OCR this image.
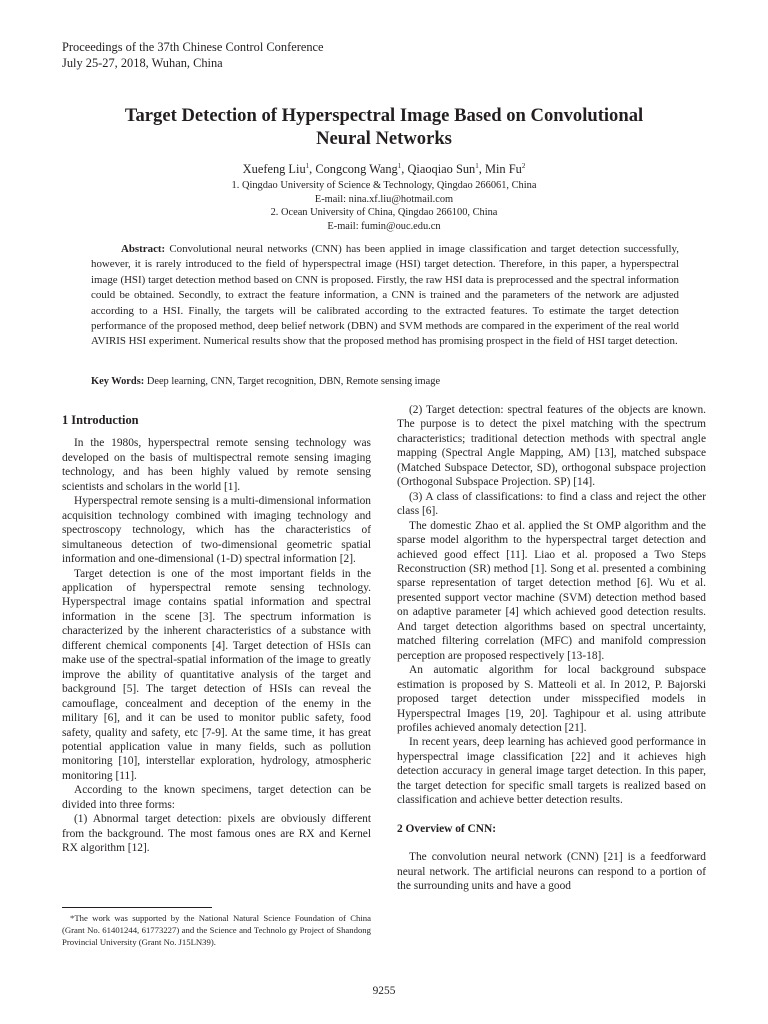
Proceedings of the 37th Chinese Control Conference
July 25-27, 2018, Wuhan, China
Target Detection of Hyperspectral Image Based on Convolutional
Neural Networks
Xuefeng Liu$^1$, Congcong Wang$^1$, Qiaoqiao Sun$^1$, Min Fu$^2$
1. Qingdao University of Science & Technology, Qingdao 266061, China
E-mail: nina.xf.liu@hotmail.com
2. Ocean University of China, Qingdao 266100, China
E-mail: fumin@ouc.edu.cn
Abstract: Convolutional neural networks (CNN) has been applied in image classification and target detection successfully, however, it is rarely introduced to the field of hyperspectral image (HSI) target detection. Therefore, in this paper, a hyperspectral image (HSI) target detection method based on CNN is proposed. Firstly, the raw HSI data is preprocessed and the spectral information could be obtained. Secondly, to extract the feature information, a CNN is trained and the parameters of the network are adjusted according to a HSI. Finally, the targets will be calibrated according to the extracted features. To estimate the target detection performance of the proposed method, deep belief network (DBN) and SVM methods are compared in the experiment of the real world AVIRIS HSI experiment. Numerical results show that the proposed method has promising prospect in the field of HSI target detection.
Key Words: Deep learning, CNN, Target recognition, DBN, Remote sensing image
1 Introduction

In the 1980s, hyperspectral remote sensing technology was developed on the basis of multispectral remote sensing imaging technology, and has been highly valued by remote sensing scientists and scholars in the world [1].

Hyperspectral remote sensing is a multi-dimensional information acquisition technology combined with imaging technology and spectroscopy technology, which has the characteristics of simultaneous detection of two-dimensional geometric spatial information and one-dimensional (1-D) spectral information [2].

Target detection is one of the most important fields in the application of hyperspectral remote sensing technology. Hyperspectral image contains spatial information and spectral information in the scene [3]. The spectrum information is characterized by the inherent characteristics of a substance with different chemical components [4]. Target detection of HSIs can make use of the spectral-spatial information of the image to greatly improve the ability of quantitative analysis of the target and background [5]. The target detection of HSIs can reveal the camouflage, concealment and deception of the enemy in the military [6], and it can be used to monitor public safety, food safety, quality and safety, etc [7-9]. At the same time, it has great potential application value in many fields, such as pollution monitoring [10], interstellar exploration, hydrology, atmospheric monitoring [11].

According to the known specimens, target detection can be divided into three forms:

(1) Abnormal target detection: pixels are obviously different from the background. The most famous ones are RX and Kernel RX algorithm [12].

*The work was supported by the National Natural Science Foundation of China (Grant No. 61401244, 61773227) and the Science and Technolo gy Project of Shandong Provincial University (Grant No. J15LN39).

(2) Target detection: spectral features of the objects are known. The purpose is to detect the pixel matching with the spectrum characteristics; traditional detection methods with spectral angle mapping (Spectral Angle Mapping, AM) [13], matched subspace (Matched Subspace Detector, SD), orthogonal subspace projection (Orthogonal Subspace Projection. SP) [14].

(3) A class of classifications: to find a class and reject the other class [6].

The domestic Zhao et al. applied the St OMP algorithm and the sparse model algorithm to the hyperspectral target detection and achieved good effect [11]. Liao et al. proposed a Two Steps Reconstruction (SR) method [1]. Song et al. presented a combining sparse representation of target detection method [6]. Wu et al. presented support vector machine (SVM) detection method based on adaptive parameter [4] which achieved good detection results. And target detection algorithms based on spectral uncertainty, matched filtering correlation (MFC) and manifold compression perception are proposed respectively [13-18].

An automatic algorithm for local background subspace estimation is proposed by S. Matteoli et al. In 2012, P. Bajorski proposed target detection under misspecified models in Hyperspectral Images [19, 20]. Taghipour et al. using attribute profiles achieved anomaly detection [21].

In recent years, deep learning has achieved good performance in hyperspectral image classification [22] and it achieves high detection accuracy in general image target detection. In this paper, the target detection for specific small targets is realized based on classification and achieve better detection results.

2 Overview of CNN:

The convolution neural network (CNN) [21] is a feedforward neural network. The artificial neurons can respond to a portion of the surrounding units and have a good

9255
